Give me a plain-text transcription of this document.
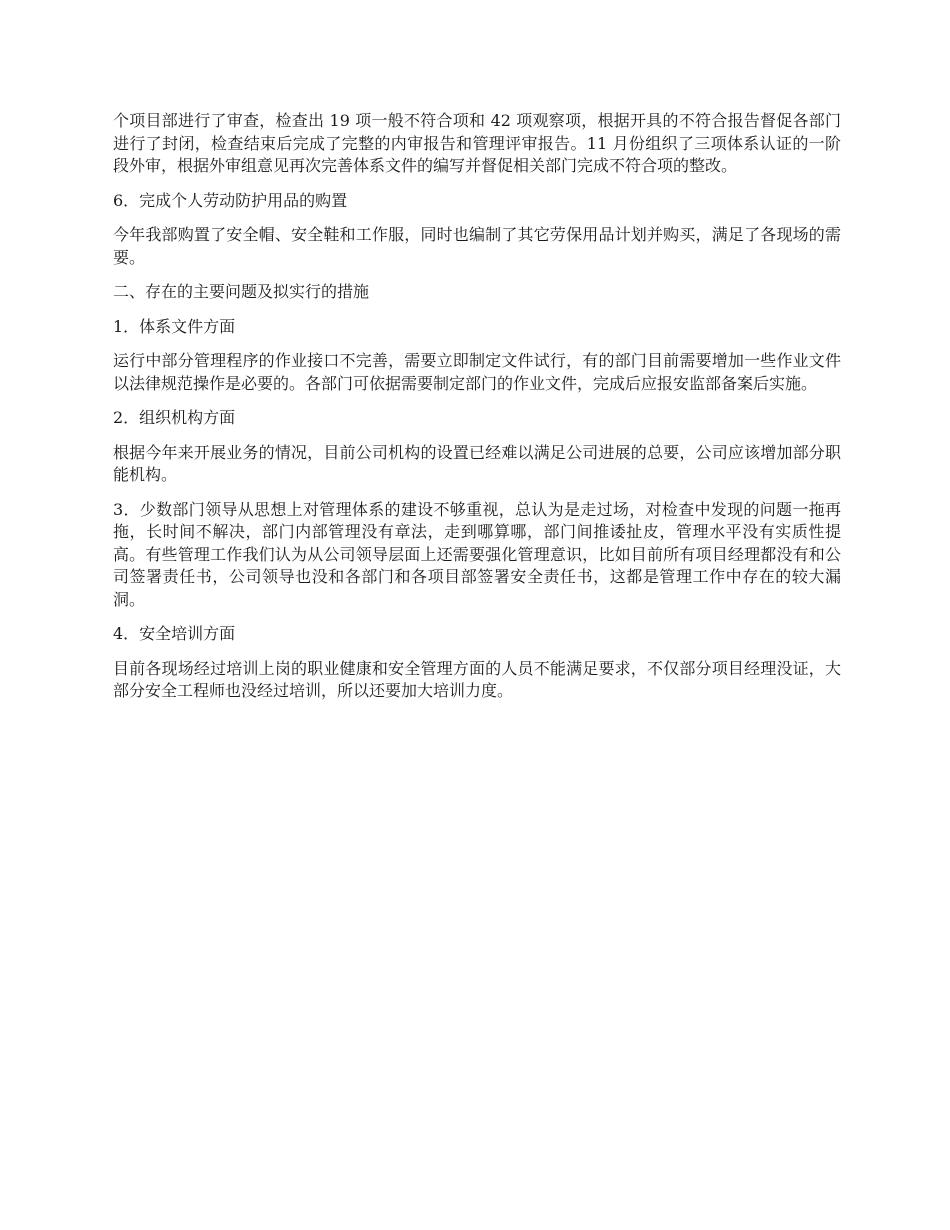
个项目部进行了审查，检查出 19 项一般不符合项和 42 项观察项，根据开具的不符合报告督促各部门进行了封闭，检查结束后完成了完整的内审报告和管理评审报告。11 月份组织了三项体系认证的一阶段外审，根据外审组意见再次完善体系文件的编写并督促相关部门完成不符合项的整改。

6．完成个人劳动防护用品的购置

今年我部购置了安全帽、安全鞋和工作服，同时也编制了其它劳保用品计划并购买，满足了各现场的需要。

二、存在的主要问题及拟实行的措施

1．体系文件方面

运行中部分管理程序的作业接口不完善，需要立即制定文件试行，有的部门目前需要增加一些作业文件以法律规范操作是必要的。各部门可依据需要制定部门的作业文件，完成后应报安监部备案后实施。

2．组织机构方面

根据今年来开展业务的情况，目前公司机构的设置已经难以满足公司进展的总要，公司应该增加部分职能机构。

3．少数部门领导从思想上对管理体系的建设不够重视，总认为是走过场，对检查中发现的问题一拖再拖，长时间不解决，部门内部管理没有章法，走到哪算哪，部门间推诿扯皮，管理水平没有实质性提高。有些管理工作我们认为从公司领导层面上还需要强化管理意识，比如目前所有项目经理都没有和公司签署责任书，公司领导也没和各部门和各项目部签署安全责任书，这都是管理工作中存在的较大漏洞。

4．安全培训方面

目前各现场经过培训上岗的职业健康和安全管理方面的人员不能满足要求，不仅部分项目经理没证，大部分安全工程师也没经过培训，所以还要加大培训力度。
